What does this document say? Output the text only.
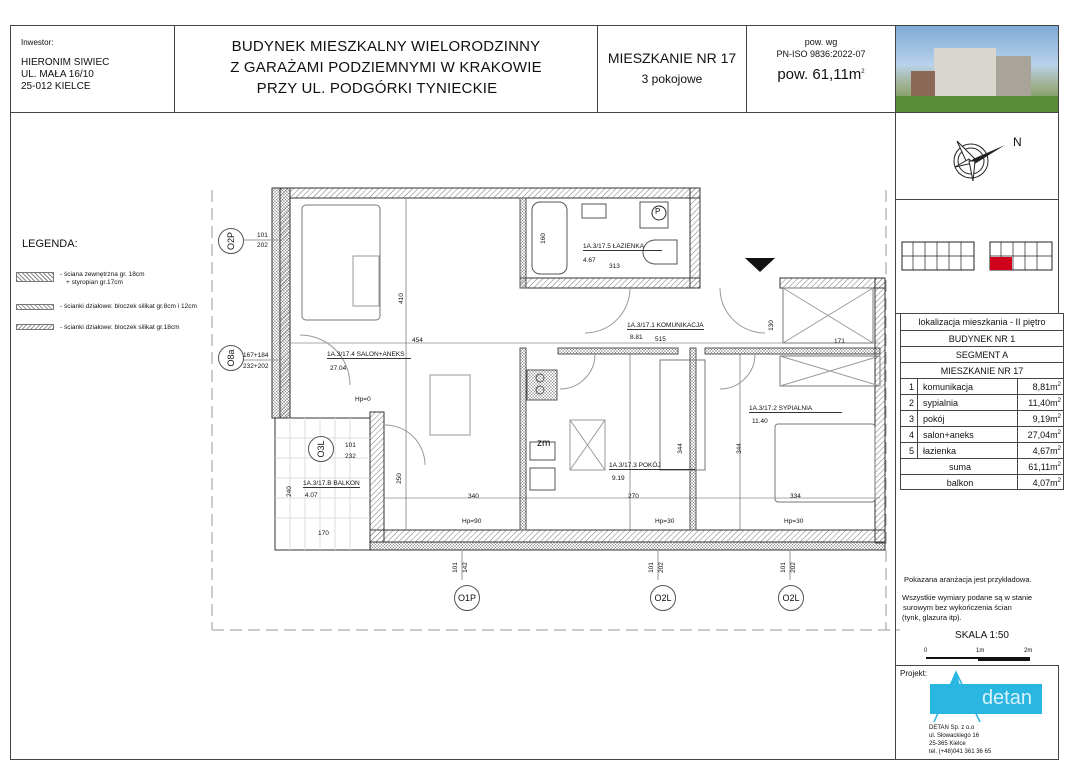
Inwestor:
HIERONIM SIWIEC
UL. MAŁA 16/10
25-012 KIELCE
BUDYNEK MIESZKALNY WIELORODZINNY
Z GARAŻAMI PODZIEMNYMI W KRAKOWIE
PRZY UL. PODGÓRKI TYNIECKIE
MIESZKANIE NR 17
3 pokojowe
pow. wg
PN-ISO 9836:2022-07
pow. $61,11m^2$
N
lokalizacja mieszkania - II piętro
BUDYNEK NR 1
SEGMENT A
MIESZKANIE NR 17
1	komunikacja	$8,81m^2$
2	sypialnia	$11,40m^2$
3	pokój	$9,19m^2$
4	salon+aneks	$27,04m^2$
5	łazienka	$4,67m^2$
suma	$61,11m^2$
balkon	$4,07m^2$
Pokazana aranżacja jest przykładowa.
Wszystkie wymiary podane są w stanie
surowym bez wykończenia ścian
(tynk, glazura itp).
SKALA 1:50
0	1m	2m
Projekt:
detan
DETAN Sp. z o.o
ul. Słowackiego 16
25-365 Kielce
tel. (+48)041 361 36 65
LEGENDA:
- ściana zewnętrzna gr. 18cm
+ styropian gr.17cm
- ścianki działowe: bloczek silikat gr.8cm i 12cm
- ścianki działowe: bloczek silikat gr.18cm
O2P	101
202
O8a	167+184
232+202
O3L	101
232
101 142
O1P
101 202
O2L
101 202
O2L
1A.3/17.5 ŁAZIENKA
4.67
1A.3/17.1 KOMUNIKACJA
8.81
1A.3/17.4 SALON+ANEKS
27.04
1A.3/17.3 POKÓJ
9.19
1A.3/17.2 SYPIALNIA
11.40
1A.3/17.B BALKON
4.07
410
454
160
313
515
130
171
250
340
240
170
270	334
344	344
zm
P
Hp=0
Hp=90	Hp=30	Hp=30
